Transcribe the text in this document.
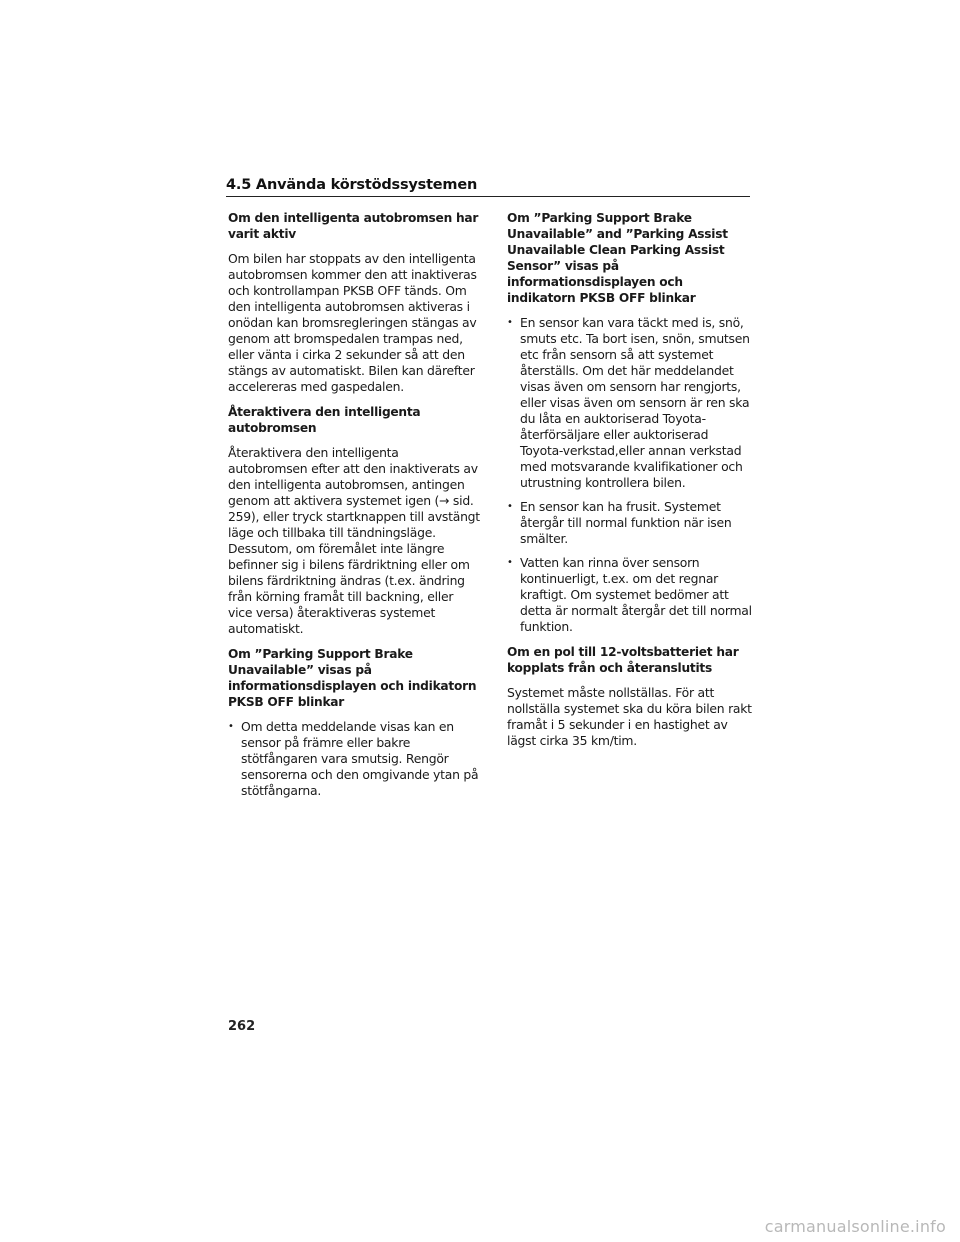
4.5 Använda körstödssystemen
Om den intelligenta autobromsen har varit aktiv
Om bilen har stoppats av den intelligenta autobromsen kommer den att inaktiveras och kontrollampan PKSB OFF tänds. Om den intelligenta autobromsen aktiveras i onödan kan bromsregleringen stängas av genom att bromspedalen trampas ned, eller vänta i cirka 2 sekunder så att den stängs av automatiskt. Bilen kan därefter accelereras med gaspedalen.
Återaktivera den intelligenta autobromsen
Återaktivera den intelligenta autobromsen efter att den inaktiverats av den intelligenta autobromsen, antingen genom att aktivera systemet igen (→ sid. 259), eller tryck startknappen till avstängt läge och tillbaka till tändningsläge. Dessutom, om föremålet inte längre befinner sig i bilens färdriktning eller om bilens färdriktning ändras (t.ex. ändring från körning framåt till backning, eller vice versa) återaktiveras systemet automatiskt.
Om ”Parking Support Brake Unavailable” visas på informationsdisplayen och indikatorn PKSB OFF blinkar
• Om detta meddelande visas kan en sensor på främre eller bakre stötfångaren vara smutsig. Rengör sensorerna och den omgivande ytan på stötfångarna.
Om ”Parking Support Brake Unavailable” and ”Parking Assist Unavailable Clean Parking Assist Sensor” visas på informationsdisplayen och indikatorn PKSB OFF blinkar
• En sensor kan vara täckt med is, snö, smuts etc. Ta bort isen, snön, smutsen etc från sensorn så att systemet återställs. Om det här meddelandet visas även om sensorn har rengjorts, eller visas även om sensorn är ren ska du låta en auktoriserad Toyota-återförsäljare eller auktoriserad Toyota-verkstad,eller annan verkstad med motsvarande kvalifikationer och utrustning kontrollera bilen.
• En sensor kan ha frusit. Systemet återgår till normal funktion när isen smälter.
• Vatten kan rinna över sensorn kontinuerligt, t.ex. om det regnar kraftigt. Om systemet bedömer att detta är normalt återgår det till normal funktion.
Om en pol till 12-voltsbatteriet har kopplats från och återanslutits
Systemet måste nollställas. För att nollställa systemet ska du köra bilen rakt framåt i 5 sekunder i en hastighet av lägst cirka 35 km/tim.
262
carmanualsonline.info
